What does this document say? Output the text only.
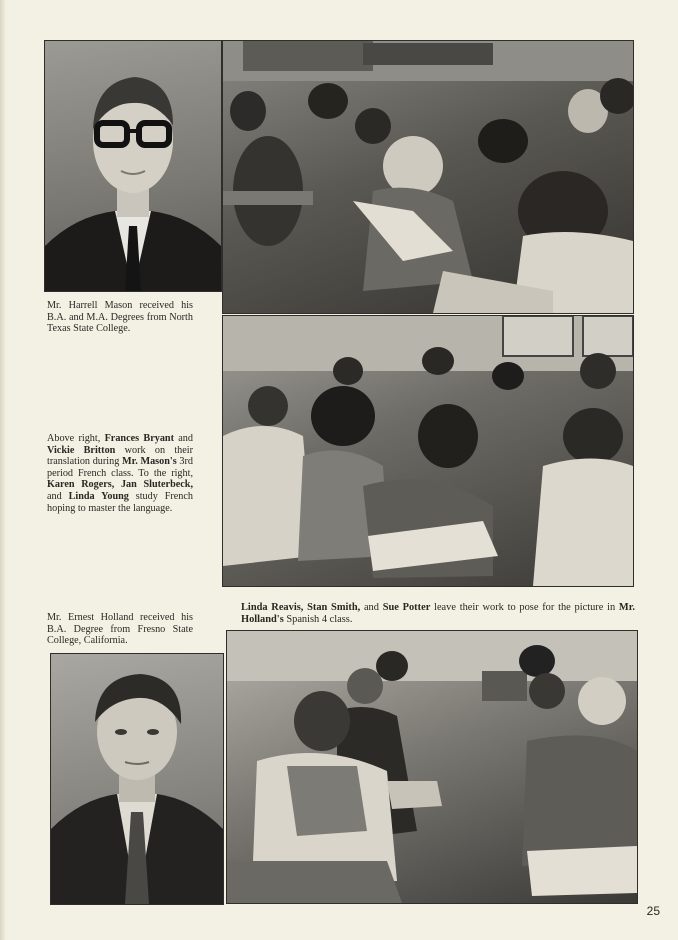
Mr. Harrell Mason received his B.A. and M.A. Degrees from North Texas State College.
Above right, Frances Bryant and Vickie Britton work on their translation during Mr. Mason's 3rd period French class. To the right, Karen Rogers, Jan Sluterbeck, and Linda Young study French hoping to master the language.
Mr. Ernest Holland received his B.A. Degree from Fresno State College, California.
Linda Reavis, Stan Smith, and Sue Potter leave their work to pose for the picture in Mr. Holland's Spanish 4 class.
25
